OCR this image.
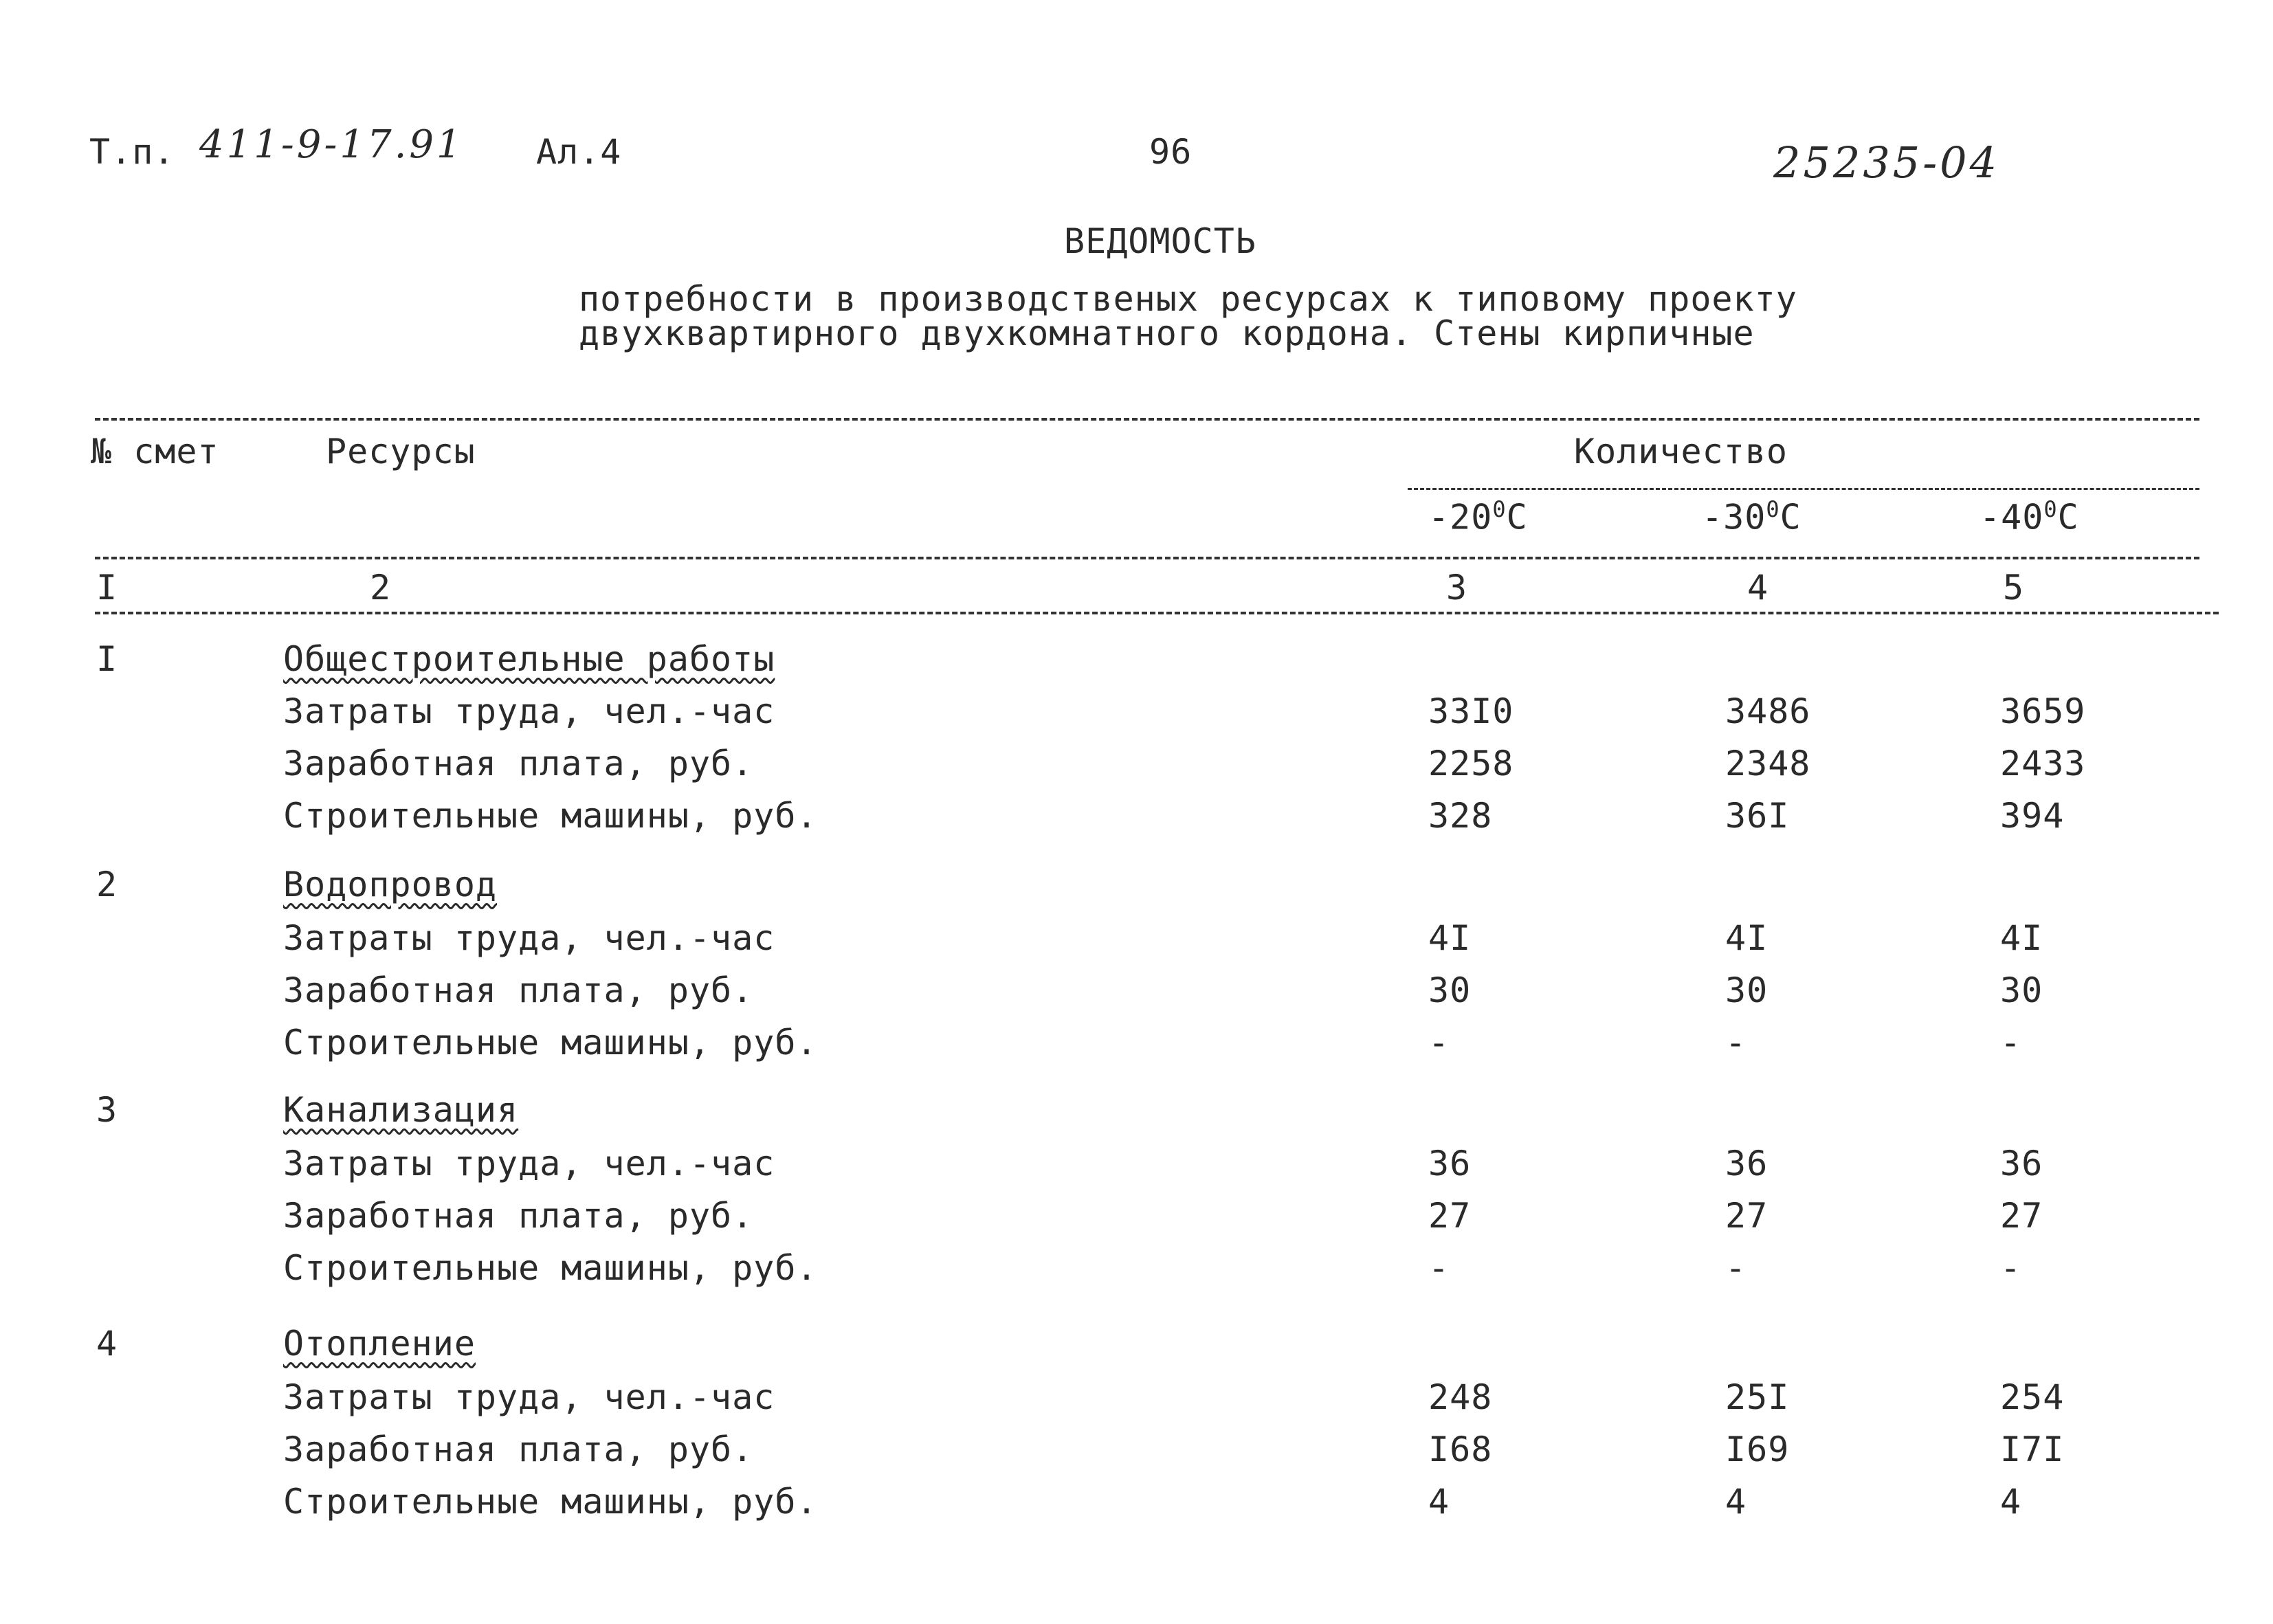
Т.п. 411-9-17.91 Ал.4	96	25235-04
ВЕДОМОСТЬ
потребности в производственых ресурсах к типовому проекту
двухквартирного двухкомнатного кордона. Стены кирпичные
№ смет	Ресурсы	Количество
$-20^0C$	$-30^0C$	$-40^0C$
I	2	3	4	5
I	Общестроительные работы
Затраты труда, чел.-час	33I0	3486	3659
Заработная плата, руб.	2258	2348	2433
Строительные машины, руб.	328	36I	394
2	Водопровод
Затраты труда, чел.-час	4I	4I	4I
Заработная плата, руб.	30	30	30
Строительные машины, руб.	-	-	-
3	Канализация
Затраты труда, чел.-час	36	36	36
Заработная плата, руб.	27	27	27
Строительные машины, руб.	-	-	-
4	Отопление
Затраты труда, чел.-час	248	25I	254
Заработная плата, руб.	I68	I69	I7I
Строительные машины, руб.	4	4	4
